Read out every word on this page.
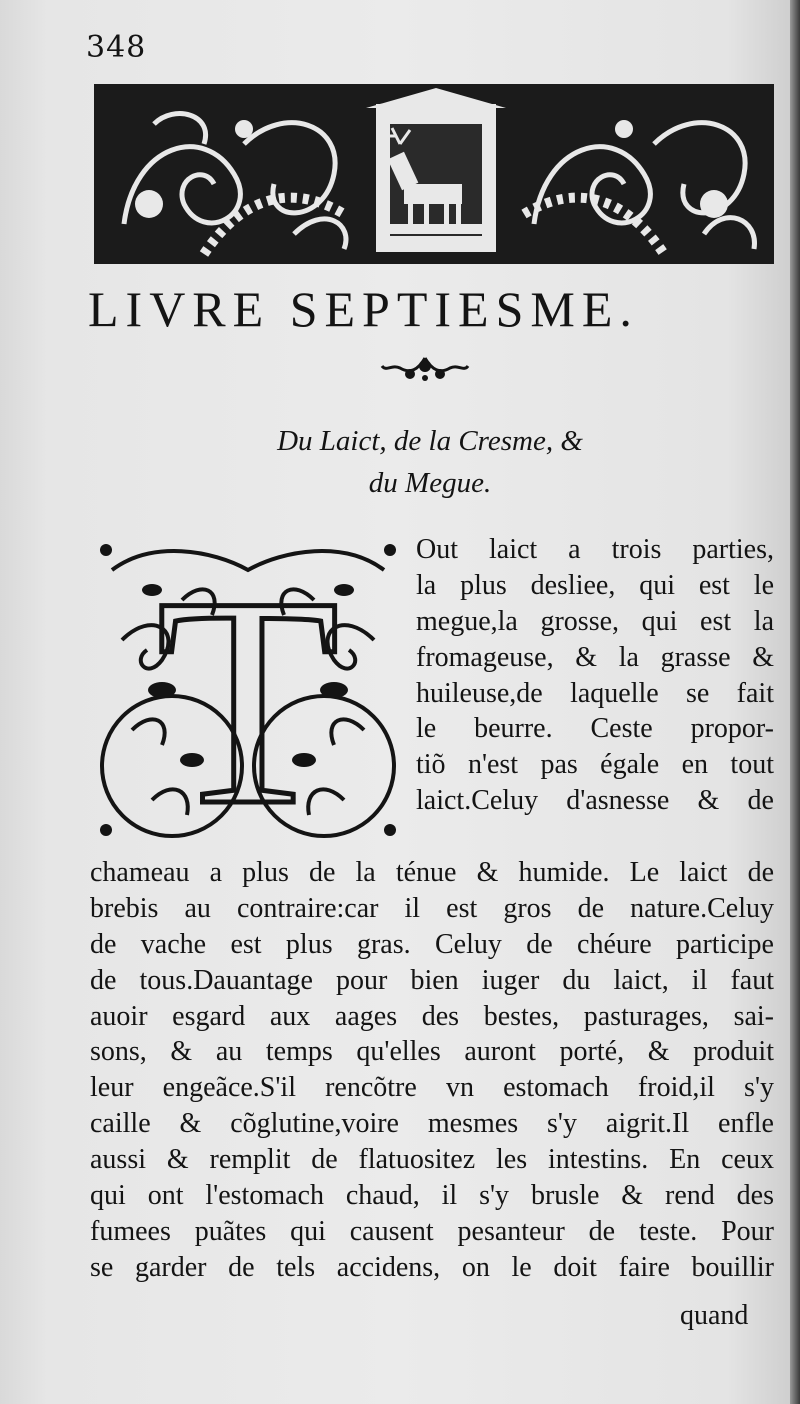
348
LIVRE SEPTIESME.
Du Laict, de la Cresme, &
du Megue.
T	Out laict a trois parties,
la plus desliee, qui est le
megue,la grosse, qui est la
fromageuse, & la grasse &
huileuse,de laquelle se fait
le beurre. Ceste propor-
tiõ n'est pas égale en tout
laict.Celuy d'asnesse & de
chameau a plus de la ténue & humide. Le laict de
brebis au contraire:car il est gros de nature.Celuy
de vache est plus gras. Celuy de chéure participe
de tous.Dauantage pour bien iuger du laict, il faut
auoir esgard aux aages des bestes, pasturages, sai-
sons, & au temps qu'elles auront porté, & produit
leur engeãce.S'il rencõtre vn estomach froid,il s'y
caille & cõglutine,voire mesmes s'y aigrit.Il enfle
aussi & remplit de flatuositez les intestins. En ceux
qui ont l'estomach chaud, il s'y brusle & rend des
fumees puãtes qui causent pesanteur de teste. Pour
se garder de tels accidens, on le doit faire bouillir
quand
